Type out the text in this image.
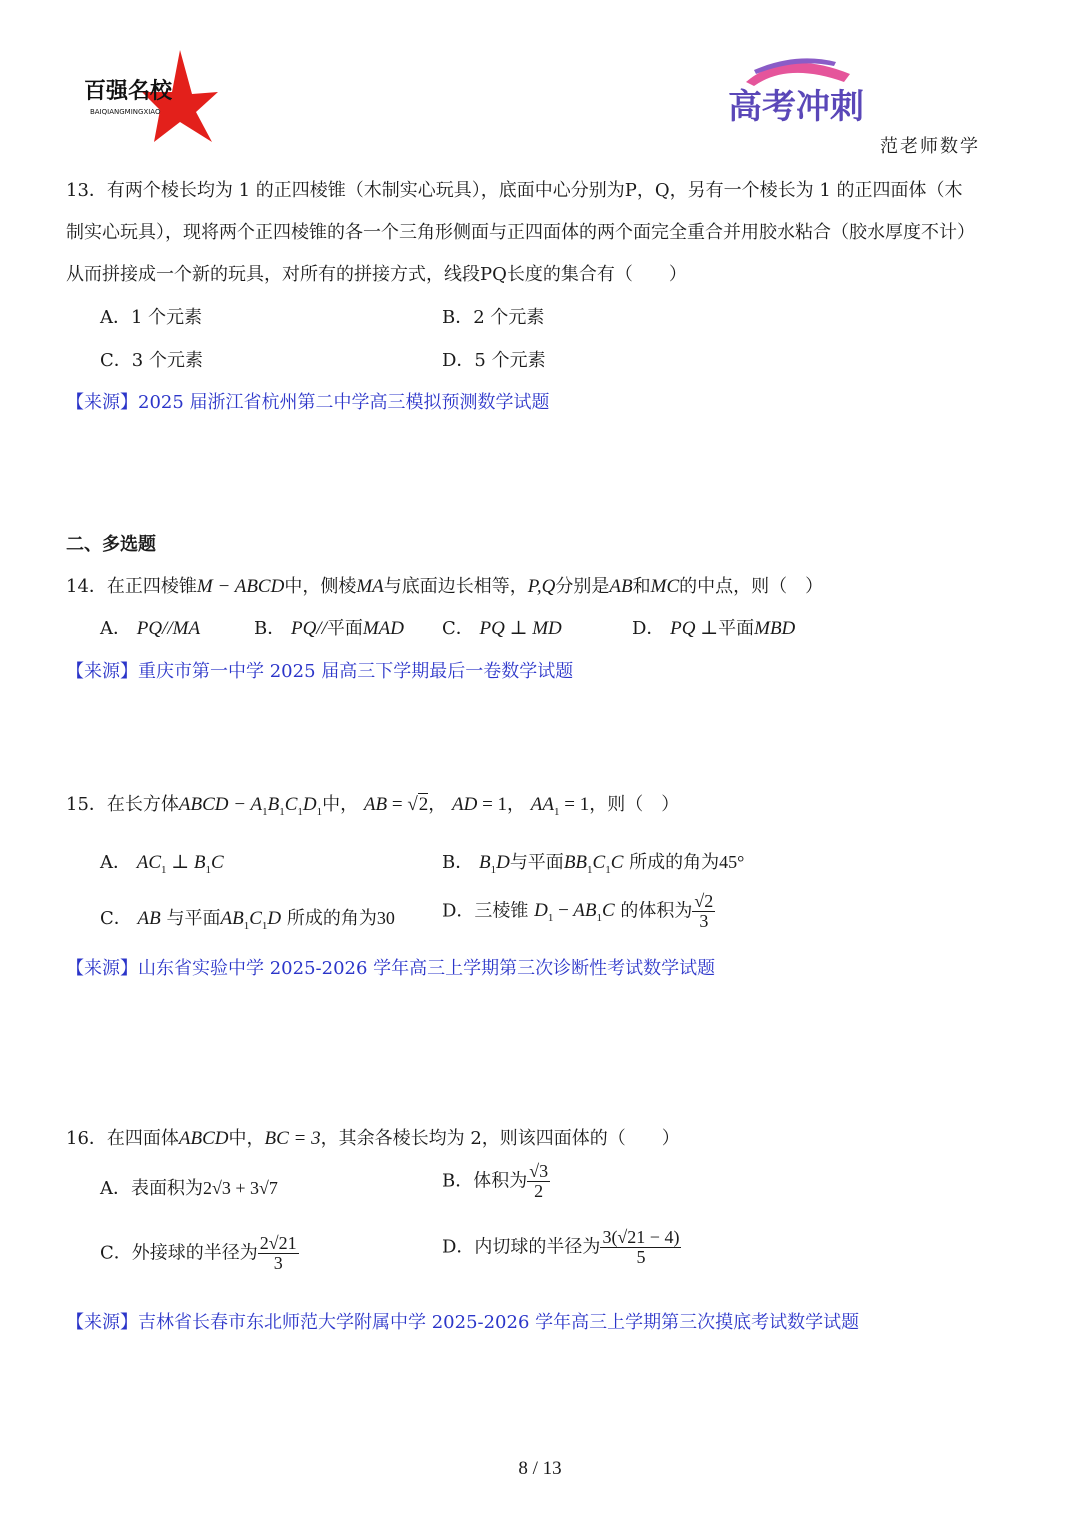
百强名校
BAIQIANGMINGXIAO	高考冲刺
范老师数学
13．有两个棱长均为 1 的正四棱锥（木制实心玩具），底面中心分别为P，Q，另有一个棱长为 1 的正四面体（木
制实心玩具），现将两个正四棱锥的各一个三角形侧面与正四面体的两个面完全重合并用胶水粘合（胶水厚度不计）
从而拼接成一个新的玩具，对所有的拼接方式，线段PQ长度的集合有（　　）
A．1 个元素	B．2 个元素
C．3 个元素	D．5 个元素
【来源】2025 届浙江省杭州第二中学高三模拟预测数学试题
二、多选题
14．在正四棱锥M − ABCD中，侧棱MA与底面边长相等，P,Q分别是AB和MC的中点，则（　）
A． PQ//MA	B． PQ//平面MAD C． PQ ⊥ MD	D． PQ ⊥平面MBD
【来源】重庆市第一中学 2025 届高三下学期最后一卷数学试题
15．在长方体ABCD − $A_1B_1C_1D_1$中， AB = √2， AD = 1， $AA_1 = 1$，则（　）
A． $AC_1$ ⊥ $B_1C$	B． $B_1D$与平面$BB_1C_1C$ 所成的角为45°
C． AB 与平面$AB_1C_1D$ 所成的角为30	D．三棱锥 $D_1 - AB_1C$ 的体积为 $\frac{√2}{3}$
【来源】山东省实验中学 2025-2026 学年高三上学期第三次诊断性考试数学试题
16．在四面体ABCD中，BC = 3，其余各棱长均为 2，则该四面体的（　　）
A．表面积为2√3 + 3√7	B．体积为 $\frac{√3}{2}$
C．外接球的半径为 $\frac{2√21}{3}$	D．内切球的半径为 $\frac{3(√21 - 4)}{5}$
【来源】吉林省长春市东北师范大学附属中学 2025-2026 学年高三上学期第三次摸底考试数学试题
8 / 13
